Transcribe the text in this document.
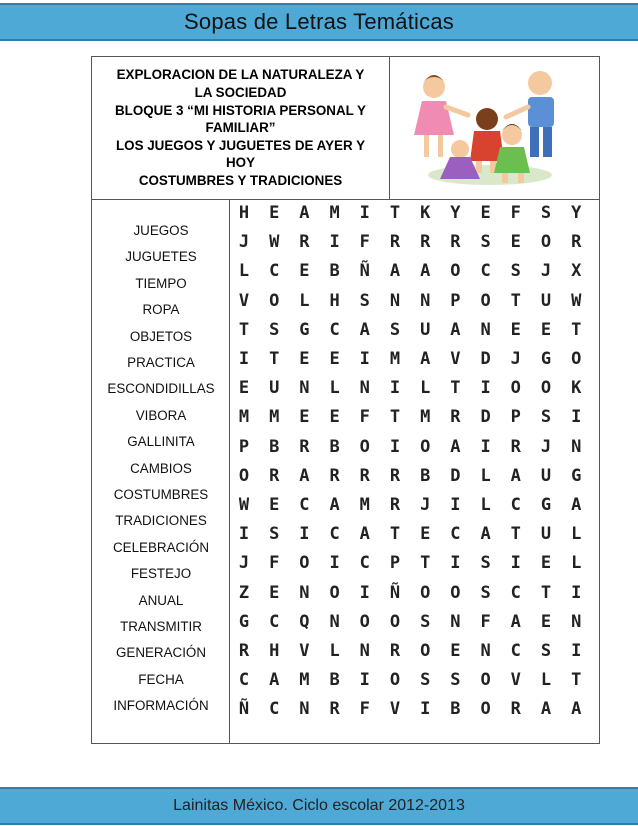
Sopas de Letras Temáticas
EXPLORACION DE LA NATURALEZA Y
LA SOCIEDAD
BLOQUE 3 “MI HISTORIA PERSONAL Y
FAMILIAR”
LOS JUEGOS Y JUGUETES DE AYER Y
HOY
COSTUMBRES Y TRADICIONES
JUEGOS
JUGUETES
TIEMPO
ROPA
OBJETOS
PRACTICA
ESCONDIDILLAS
VIBORA
GALLINITA
CAMBIOS
COSTUMBRES
TRADICIONES
CELEBRACIÓN
FESTEJO
ANUAL
TRANSMITIR
GENERACIÓN
FECHA
INFORMACIÓN
H	E	A	M	I	T	K	Y	E	F	S	Y
J	W	R	I	F	R	R	R	S	E	O	R
L	C	E	B	Ñ	A	A	O	C	S	J	X
V	O	L	H	S	N	N	P	O	T	U	W
T	S	G	C	A	S	U	A	N	E	E	T
I	T	E	E	I	M	A	V	D	J	G	O
E	U	N	L	N	I	L	T	I	O	O	K
M	M	E	E	F	T	M	R	D	P	S	I
P	B	R	B	O	I	O	A	I	R	J	N
O	R	A	R	R	R	B	D	L	A	U	G
W	E	C	A	M	R	J	I	L	C	G	A
I	S	I	C	A	T	E	C	A	T	U	L
J	F	O	I	C	P	T	I	S	I	E	L
Z	E	N	O	I	Ñ	O	O	S	C	T	I
G	C	Q	N	O	O	S	N	F	A	E	N
R	H	V	L	N	R	O	E	N	C	S	I
C	A	M	B	I	O	S	S	O	V	L	T
Ñ	C	N	R	F	V	I	B	O	R	A	A
Lainitas México. Ciclo escolar 2012-2013
